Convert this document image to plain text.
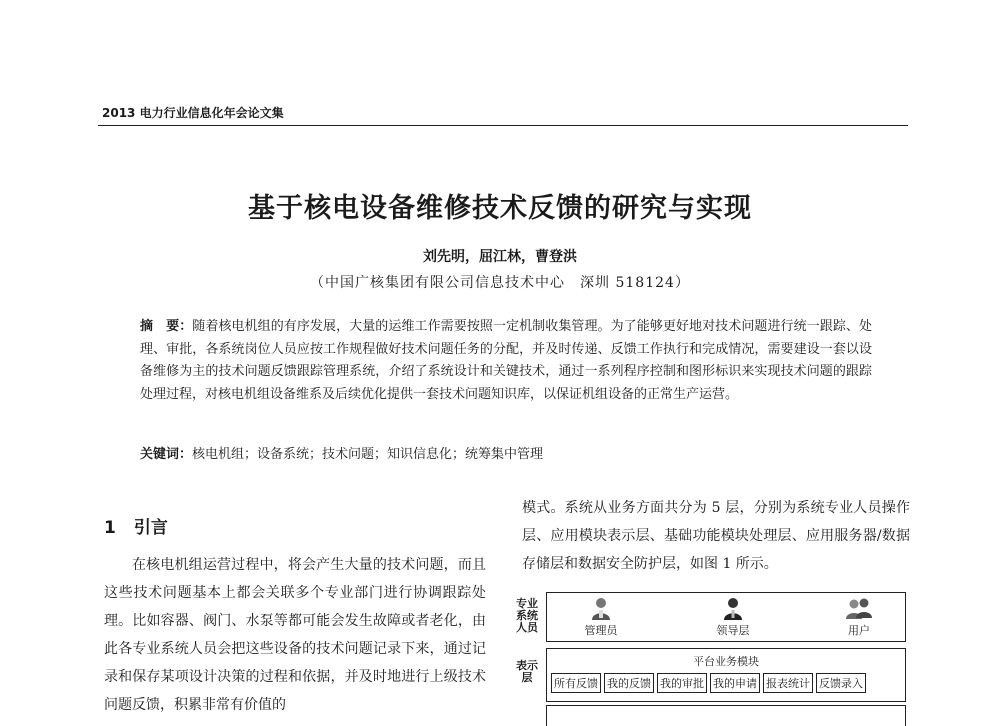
2013 电力行业信息化年会论文集
基于核电设备维修技术反馈的研究与实现
刘先明，屈江林，曹登洪
（中国广核集团有限公司信息技术中心　深圳 518124）
摘　要：随着核电机组的有序发展，大量的运维工作需要按照一定机制收集管理。为了能够更好地对技术问题进行统一跟踪、处理、审批，各系统岗位人员应按工作规程做好技术问题任务的分配，并及时传递、反馈工作执行和完成情况，需要建设一套以设备维修为主的技术问题反馈跟踪管理系统，介绍了系统设计和关键技术，通过一系列程序控制和图形标识来实现技术问题的跟踪处理过程，对核电机组设备维系及后续优化提供一套技术问题知识库，以保证机组设备的正常生产运营。
关键词：核电机组；设备系统；技术问题；知识信息化；统筹集中管理
1 引言
在核电机组运营过程中，将会产生大量的技术问题，而且这些技术问题基本上都会关联多个专业部门进行协调跟踪处理。比如容器、阀门、水泵等都可能会发生故障或者老化，由此各专业系统人员会把这些设备的技术问题记录下来，通过记录和保存某项设计决策的过程和依据，并及时地进行上级技术问题反馈，积累非常有价值的
模式。系统从业务方面共分为 5 层，分别为系统专业人员操作层、应用模块表示层、基础功能模块处理层、应用服务器/数据存储层和数据安全防护层，如图 1 所示。
专业
系统
人员
表示
层
管理员	领导层	用户
平台业务模块
所有反馈 我的反馈 我的审批 我的申请 报表统计 反馈录入
